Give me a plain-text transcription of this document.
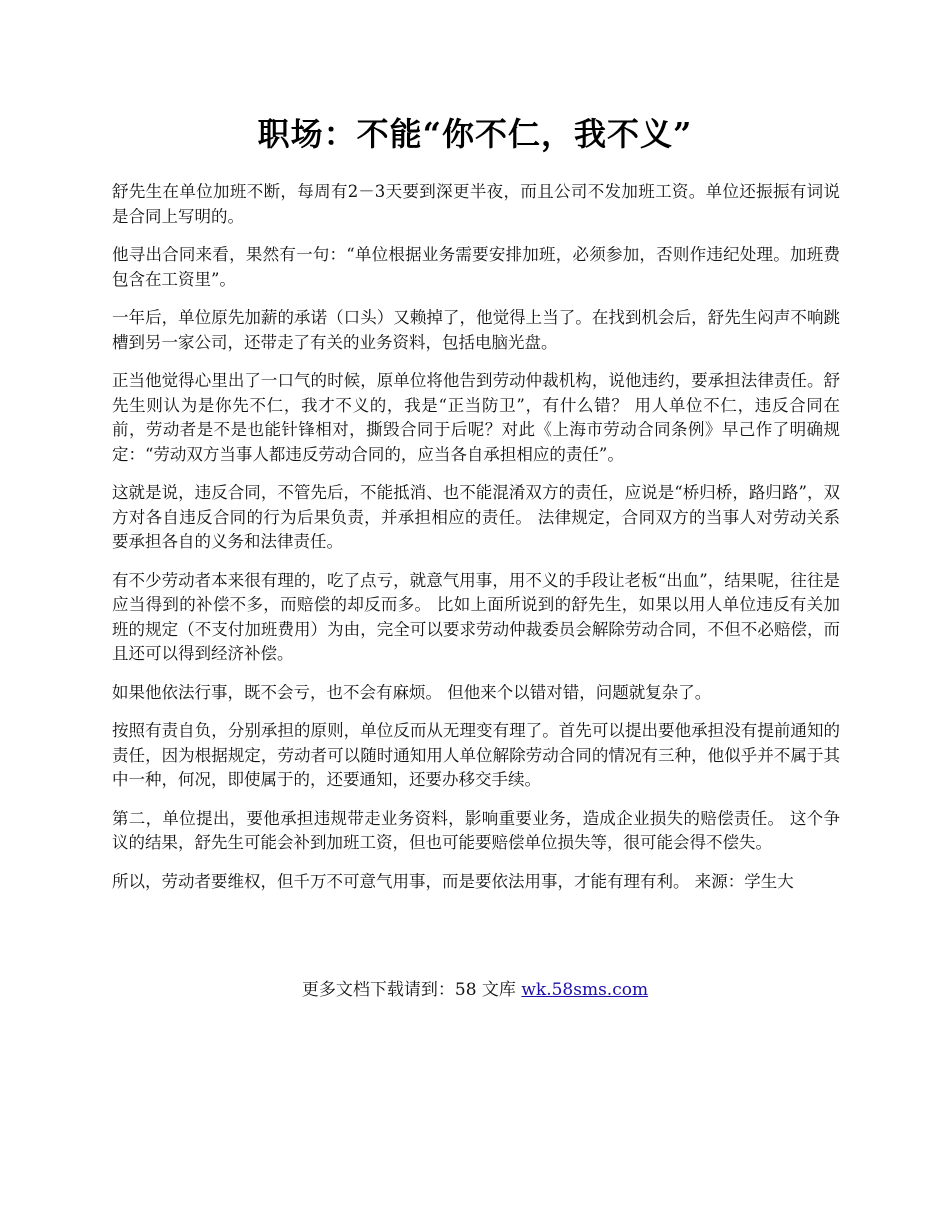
职场：不能“你不仁，我不义”

舒先生在单位加班不断，每周有2－3天要到深更半夜，而且公司不发加班工资。单位还振振有词说是合同上写明的。

他寻出合同来看，果然有一句：“单位根据业务需要安排加班，必须参加，否则作违纪处理。加班费包含在工资里”。

一年后，单位原先加薪的承诺（口头）又赖掉了，他觉得上当了。在找到机会后，舒先生闷声不响跳槽到另一家公司，还带走了有关的业务资料，包括电脑光盘。

正当他觉得心里出了一口气的时候，原单位将他告到劳动仲裁机构，说他违约，要承担法律责任。舒先生则认为是你先不仁，我才不义的，我是“正当防卫”，有什么错？ 用人单位不仁，违反合同在前，劳动者是不是也能针锋相对，撕毁合同于后呢？对此《上海市劳动合同条例》早己作了明确规定：“劳动双方当事人都违反劳动合同的，应当各自承担相应的责任”。

这就是说，违反合同，不管先后，不能抵消、也不能混淆双方的责任，应说是“桥归桥，路归路”，双方对各自违反合同的行为后果负责，并承担相应的责任。 法律规定，合同双方的当事人对劳动关系要承担各自的义务和法律责任。

有不少劳动者本来很有理的，吃了点亏，就意气用事，用不义的手段让老板“出血”，结果呢，往往是应当得到的补偿不多，而赔偿的却反而多。 比如上面所说到的舒先生，如果以用人单位违反有关加班的规定（不支付加班费用）为由，完全可以要求劳动仲裁委员会解除劳动合同，不但不必赔偿，而且还可以得到经济补偿。

如果他依法行事，既不会亏，也不会有麻烦。 但他来个以错对错，问题就复杂了。

按照有责自负，分别承担的原则，单位反而从无理变有理了。首先可以提出要他承担没有提前通知的责任，因为根据规定，劳动者可以随时通知用人单位解除劳动合同的情况有三种，他似乎并不属于其中一种，何况，即使属于的，还要通知，还要办移交手续。

第二，单位提出，要他承担违规带走业务资料，影响重要业务，造成企业损失的赔偿责任。 这个争议的结果，舒先生可能会补到加班工资，但也可能要赔偿单位损失等，很可能会得不偿失。

所以，劳动者要维权，但千万不可意气用事，而是要依法用事，才能有理有利。 来源：学生大

更多文档下载请到：58 文库 wk.58sms.com
